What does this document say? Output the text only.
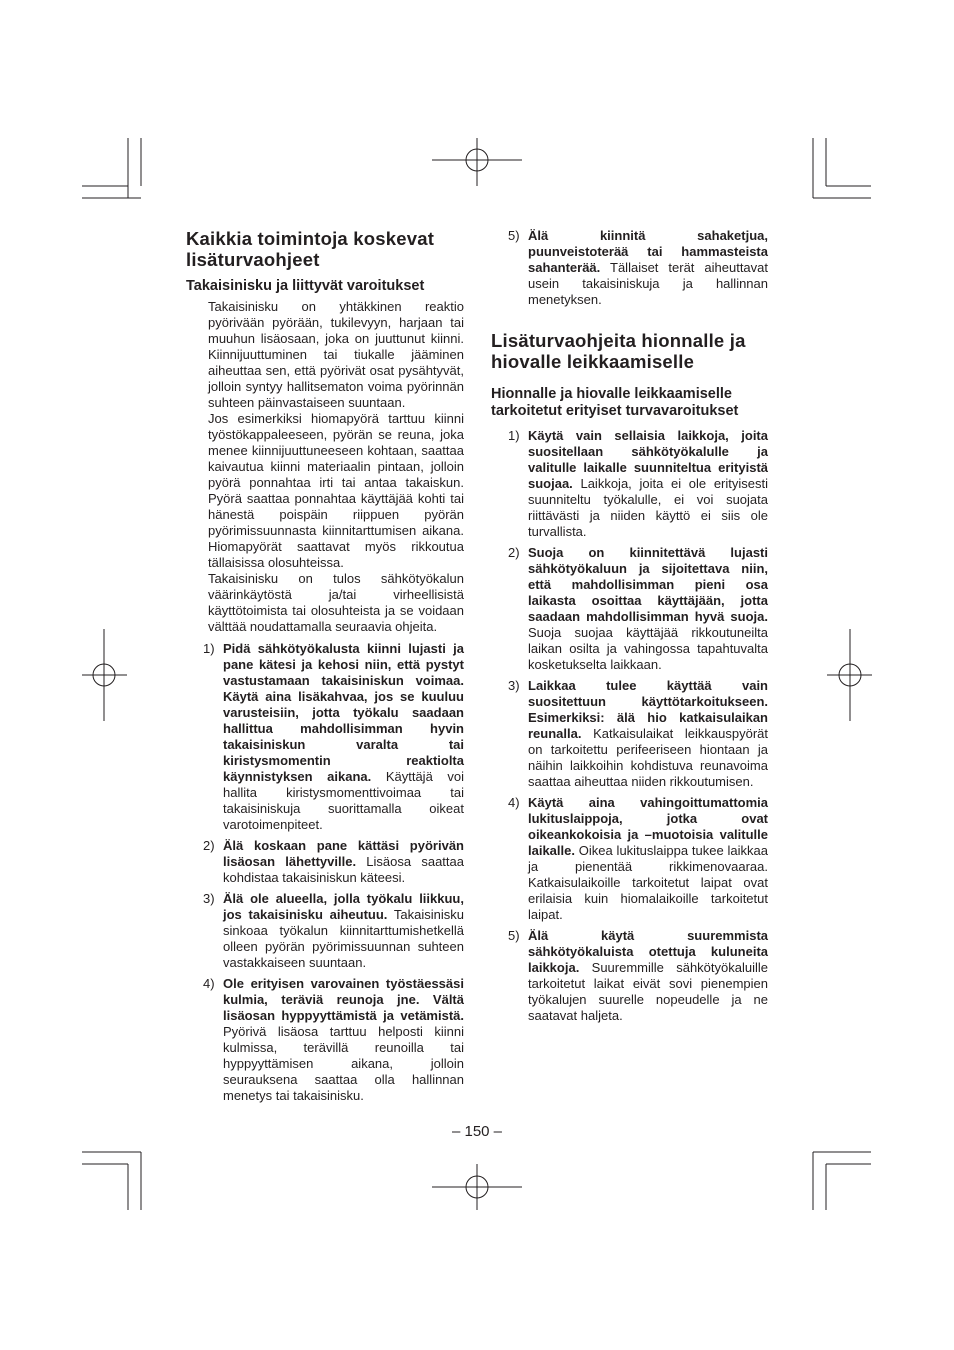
Kaikkia toimintoja koskevat lisäturvaohjeet
Takaisinisku ja liittyvät varoitukset

Takaisinisku on yhtäkkinen reaktio pyörivään pyörään, tukilevyyn, harjaan tai muuhun lisäosaan, joka on juuttunut kiinni. Kiinnijuuttuminen tai tiukalle jääminen aiheuttaa sen, että pyörivät osat pysähtyvät, jolloin syntyy hallitsematon voima pyörinnän suhteen päinvastaiseen suuntaan.

Jos esimerkiksi hiomapyörä tarttuu kiinni työstökappaleeseen, pyörän se reuna, joka menee kiinnijuuttuneeseen kohtaan, saattaa kaivautua kiinni materiaalin pintaan, jolloin pyörä ponnahtaa irti tai antaa takaiskun. Pyörä saattaa ponnahtaa käyttäjää kohti tai hänestä poispäin riippuen pyörän pyörimissuunnasta kiinnitarttumisen aikana. Hiomapyörät saattavat myös rikkoutua tällaisissa olosuhteissa.

Takaisinisku on tulos sähkötyökalun väärinkäytöstä ja/tai virheellisistä käyttötoimista tai olosuhteista ja se voidaan välttää noudattamalla seuraavia ohjeita.

1) Pidä sähkötyökalusta kiinni lujasti ja pane kätesi ja kehosi niin, että pystyt vastustamaan takaisiniskun voimaa. Käytä aina lisäkahvaa, jos se kuuluu varusteisiin, jotta työkalu saadaan hallittua mahdollisimman hyvin takaisiniskun varalta tai kiristysmomentin reaktiolta käynnistyksen aikana. Käyttäjä voi hallita kiristysmomenttivoimaa tai takaisiniskuja suorittamalla oikeat varotoimenpiteet.
2) Älä koskaan pane kättäsi pyörivän lisäosan lähettyville. Lisäosa saattaa kohdistaa takaisiniskun käteesi.
3) Älä ole alueella, jolla työkalu liikkuu, jos takaisinisku aiheutuu. Takaisinisku sinkoaa työkalun kiinnitarttumishetkellä olleen pyörän pyörimissuunnan suhteen vastakkaiseen suuntaan.
4) Ole erityisen varovainen työstäessäsi kulmia, teräviä reunoja jne. Vältä lisäosan hyppyyttämistä ja vetämistä. Pyörivä lisäosa tarttuu helposti kiinni kulmissa, terävillä reunoilla tai hyppyyttämisen aikana, jolloin seurauksena saattaa olla hallinnan menetys tai takaisinisku.
5) Älä kiinnitä sahaketjua, puunveistoterää tai hammasteista sahanterää. Tällaiset terät aiheuttavat usein takaisiniskuja ja hallinnan menetyksen.
Lisäturvaohjeita hionnalle ja hiovalle leikkaamiselle
Hionnalle ja hiovalle leikkaamiselle tarkoitetut erityiset turvavaroitukset
1) Käytä vain sellaisia laikkoja, joita suositellaan sähkötyökalulle ja valitulle laikalle suunniteltua erityistä suojaa. Laikkoja, joita ei ole erityisesti suunniteltu työkalulle, ei voi suojata riittävästi ja niiden käyttö ei siis ole turvallista.
2) Suoja on kiinnitettävä lujasti sähkötyökaluun ja sijoitettava niin, että mahdollisimman pieni osa laikasta osoittaa käyttäjään, jotta saadaan mahdollisimman hyvä suoja. Suoja suojaa käyttäjää rikkoutuneilta laikan osilta ja vahingossa tapahtuvalta kosketukselta laikkaan.
3) Laikkaa tulee käyttää vain suositettuun käyttötarkoitukseen. Esimerkiksi: älä hio katkaisulaikan reunalla. Katkaisulaikat leikkauspyörät on tarkoitettu perifeeriseen hiontaan ja näihin laikkoihin kohdistuva reunavoima saattaa aiheuttaa niiden rikkoutumisen.
4) Käytä aina vahingoittumattomia lukituslaippoja, jotka ovat oikeankokoisia ja –muotoisia valitulle laikalle. Oikea lukituslaippa tukee laikkaa ja pienentää rikkimenovaaraa. Katkaisulaikoille tarkoitetut laipat ovat erilaisia kuin hiomalaikoille tarkoitetut laipat.
5) Älä käytä suuremmista sähkötyökaluista otettuja kuluneita laikkoja. Suuremmille sähkötyökaluille tarkoitetut laikat eivät sovi pienempien työkalujen suurelle nopeudelle ja ne saatavat haljeta.
– 150 –
